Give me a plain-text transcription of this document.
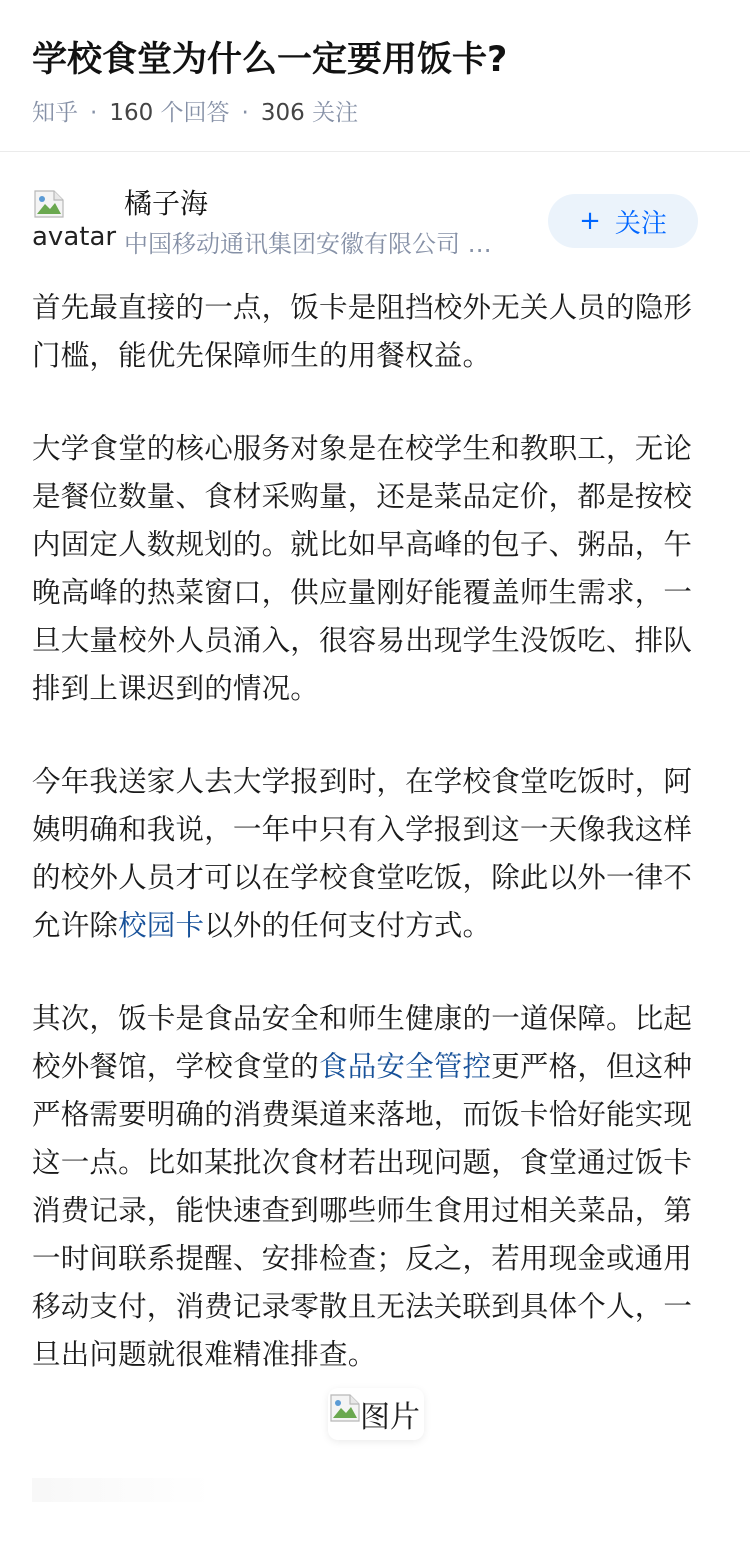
学校食堂为什么一定要用饭卡?
知乎 · 160 个回答 · 306 关注
avatar
橘子海
中国移动通讯集团安徽有限公司 …
+ 关注

首先最直接的一点，饭卡是阻挡校外无关人员的隐形门槛，能优先保障师生的用餐权益。

大学食堂的核心服务对象是在校学生和教职工，无论是餐位数量、食材采购量，还是菜品定价，都是按校内固定人数规划的。就比如早高峰的包子、粥品，午晚高峰的热菜窗口，供应量刚好能覆盖师生需求，一旦大量校外人员涌入，很容易出现学生没饭吃、排队排到上课迟到的情况。

今年我送家人去大学报到时，在学校食堂吃饭时，阿姨明确和我说，一年中只有入学报到这一天像我这样的校外人员才可以在学校食堂吃饭，除此以外一律不允许除校园卡以外的任何支付方式。

其次，饭卡是食品安全和师生健康的一道保障。比起校外餐馆，学校食堂的食品安全管控更严格，但这种严格需要明确的消费渠道来落地，而饭卡恰好能实现这一点。比如某批次食材若出现问题，食堂通过饭卡消费记录，能快速查到哪些师生食用过相关菜品，第一时间联系提醒、安排检查；反之，若用现金或通用移动支付，消费记录零散且无法关联到具体个人，一旦出问题就很难精准排查。

图片
